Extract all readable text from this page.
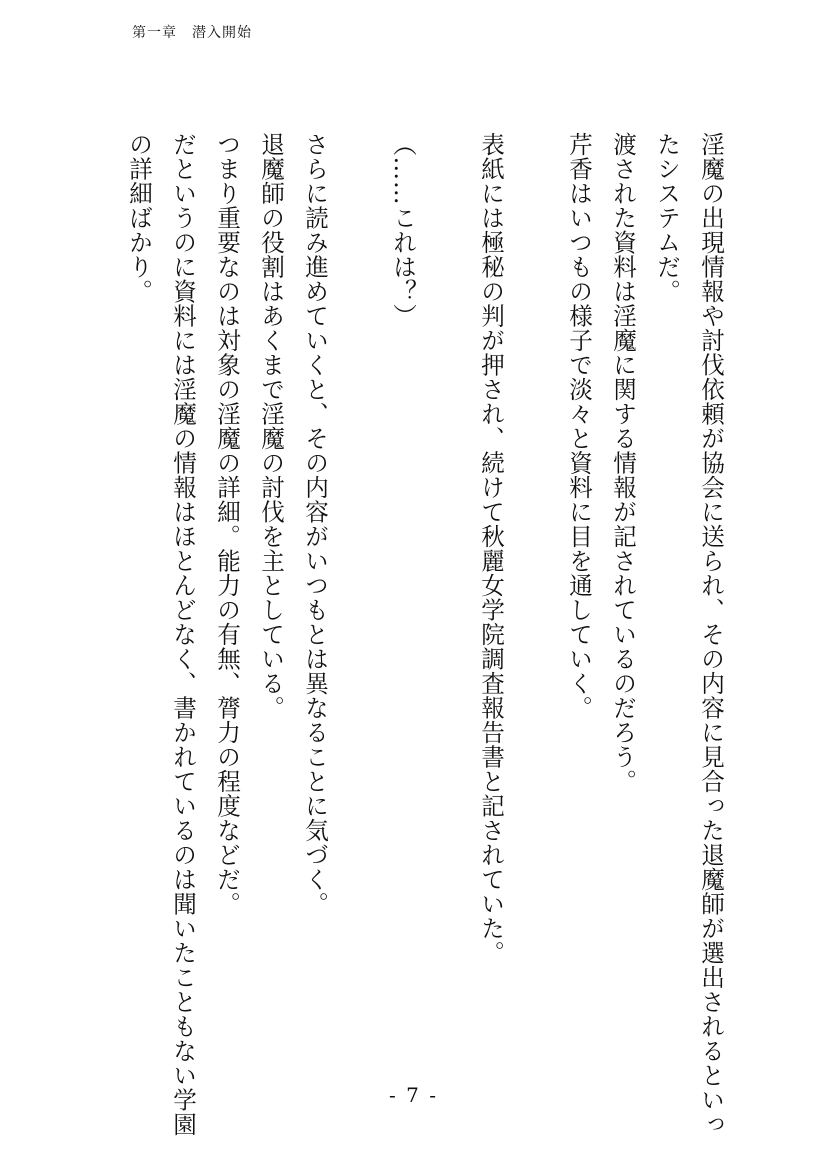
第一章　潜入開始
淫魔の出現情報や討伐依頼が協会に送られ、その内容に見合った退魔師が選出されるといっ
たシステムだ。
渡された資料は淫魔に関する情報が記されているのだろう。
芹香はいつもの様子で淡々と資料に目を通していく。
表紙には極秘の判が押され、続けて秋麗女学院調査報告書と記されていた。
（……これは？）
さらに読み進めていくと、その内容がいつもとは異なることに気づく。
退魔師の役割はあくまで淫魔の討伐を主としている。
つまり重要なのは対象の淫魔の詳細。能力の有無、膂力の程度などだ。
だというのに資料には淫魔の情報はほとんどなく、書かれているのは聞いたこともない学園
の詳細ばかり。
- 7 -
